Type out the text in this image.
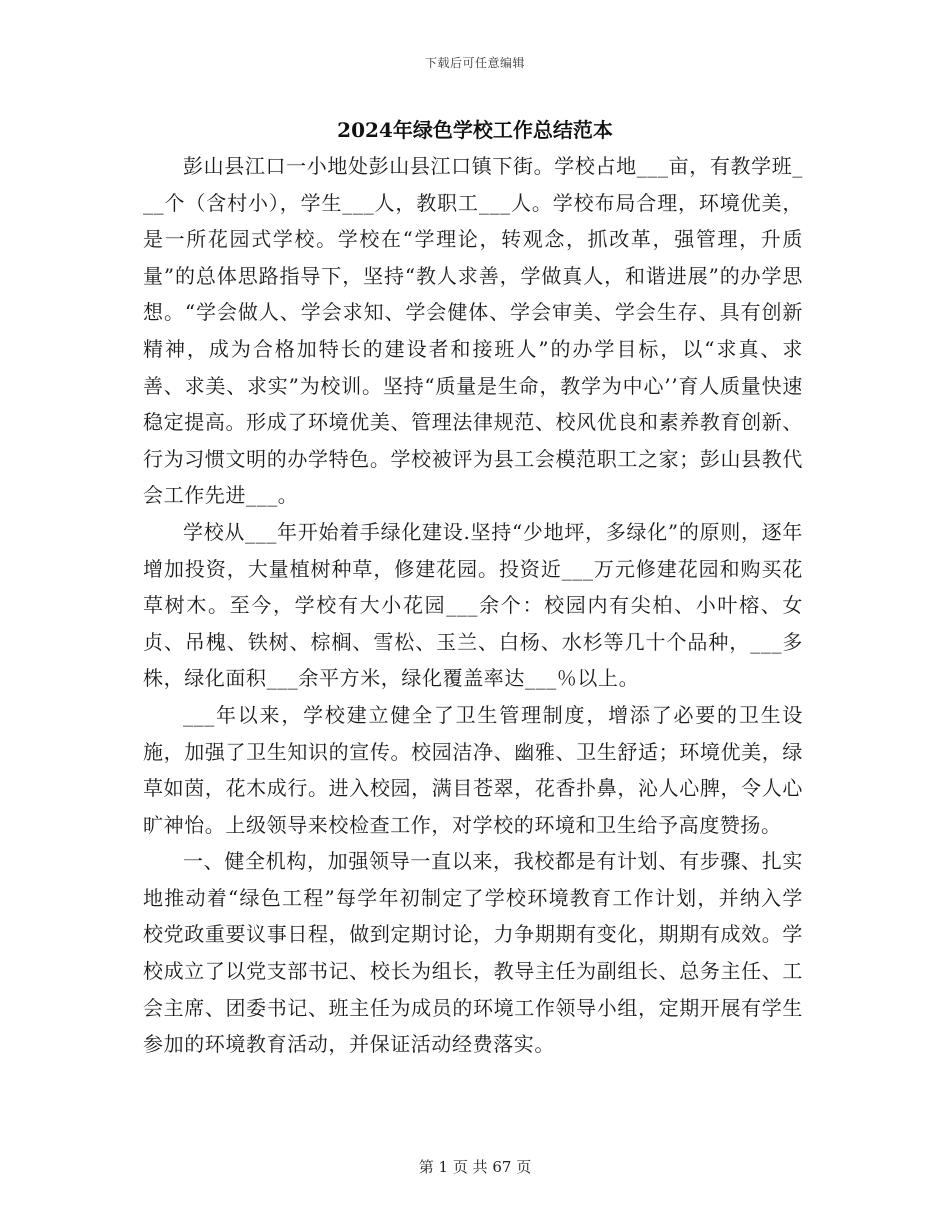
下载后可任意编辑
2024年绿色学校工作总结范本

彭山县江口一小地处彭山县江口镇下街。学校占地___亩，有教学班___个（含村小），学生___人，教职工___人。学校布局合理，环境优美，是一所花园式学校。学校在“学理论，转观念，抓改革，强管理，升质量”的总体思路指导下，坚持“教人求善，学做真人，和谐进展”的办学思想。“学会做人、学会求知、学会健体、学会审美、学会生存、具有创新精神，成为合格加特长的建设者和接班人”的办学目标，以“求真、求善、求美、求实”为校训。坚持“质量是生命，教学为中心’’育人质量快速稳定提高。形成了环境优美、管理法律规范、校风优良和素养教育创新、行为习惯文明的办学特色。学校被评为县工会模范职工之家；彭山县教代会工作先进___。

学校从___年开始着手绿化建设.坚持“少地坪，多绿化”的原则，逐年增加投资，大量植树种草，修建花园。投资近___万元修建花园和购买花草树木。至今，学校有大小花园___余个：校园内有尖柏、小叶榕、女贞、吊槐、铁树、棕榈、雪松、玉兰、白杨、水杉等几十个品种，___多株，绿化面积___余平方米，绿化覆盖率达___％以上。

___年以来，学校建立健全了卫生管理制度，增添了必要的卫生设施，加强了卫生知识的宣传。校园洁净、幽雅、卫生舒适；环境优美，绿草如茵，花木成行。进入校园，满目苍翠，花香扑鼻，沁人心脾，令人心旷神怡。上级领导来校检查工作，对学校的环境和卫生给予高度赞扬。

一、健全机构，加强领导一直以来，我校都是有计划、有步骤、扎实地推动着“绿色工程”每学年初制定了学校环境教育工作计划，并纳入学校党政重要议事日程，做到定期讨论，力争期期有变化，期期有成效。学校成立了以党支部书记、校长为组长，教导主任为副组长、总务主任、工会主席、团委书记、班主任为成员的环境工作领导小组，定期开展有学生参加的环境教育活动，并保证活动经费落实。

第 1 页 共 67 页
